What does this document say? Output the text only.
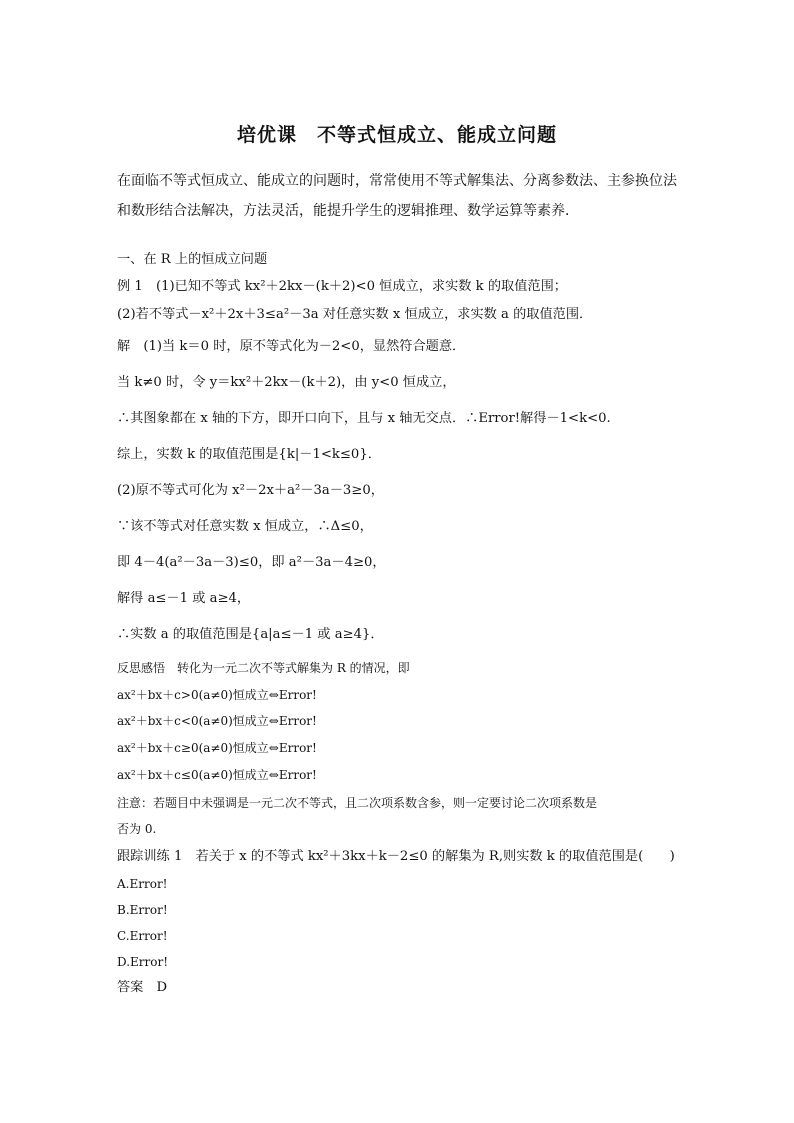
培优课　不等式恒成立、能成立问题
在面临不等式恒成立、能成立的问题时，常常使用不等式解集法、分离参数法、主参换位法
和数形结合法解决，方法灵活，能提升学生的逻辑推理、数学运算等素养．
一、在 R 上的恒成立问题
例 1　(1)已知不等式 kx²＋2kx－(k＋2)<0 恒成立，求实数 k 的取值范围；
(2)若不等式－x²＋2x＋3≤a²－3a 对任意实数 x 恒成立，求实数 a 的取值范围．
解　(1)当 k＝0 时，原不等式化为－2<0，显然符合题意．
当 k≠0 时，令 y＝kx²＋2kx－(k＋2)，由 y<0 恒成立，
∴其图象都在 x 轴的下方，即开口向下，且与 x 轴无交点．∴Error!解得－1<k<0.
综上，实数 k 的取值范围是{k|－1<k≤0}．
(2)原不等式可化为 x²－2x＋a²－3a－3≥0，
∵该不等式对任意实数 x 恒成立，∴Δ≤0，
即 4－4(a²－3a－3)≤0，即 a²－3a－4≥0，
解得 a≤－1 或 a≥4，
∴实数 a 的取值范围是{a|a≤－1 或 a≥4}．
反思感悟　转化为一元二次不等式解集为 R 的情况，即
ax²＋bx＋c>0(a≠0)恒成立⇔Error!
ax²＋bx＋c<0(a≠0)恒成立⇔Error!
ax²＋bx＋c≥0(a≠0)恒成立⇔Error!
ax²＋bx＋c≤0(a≠0)恒成立⇔Error!
注意：若题目中未强调是一元二次不等式，且二次项系数含参，则一定要讨论二次项系数是
否为 0.
跟踪训练 1　若关于 x 的不等式 kx²＋3kx＋k－2≤0 的解集为 R,则实数 k 的取值范围是(　　)
A.Error!
B.Error!
C.Error!
D.Error!
答案　D
